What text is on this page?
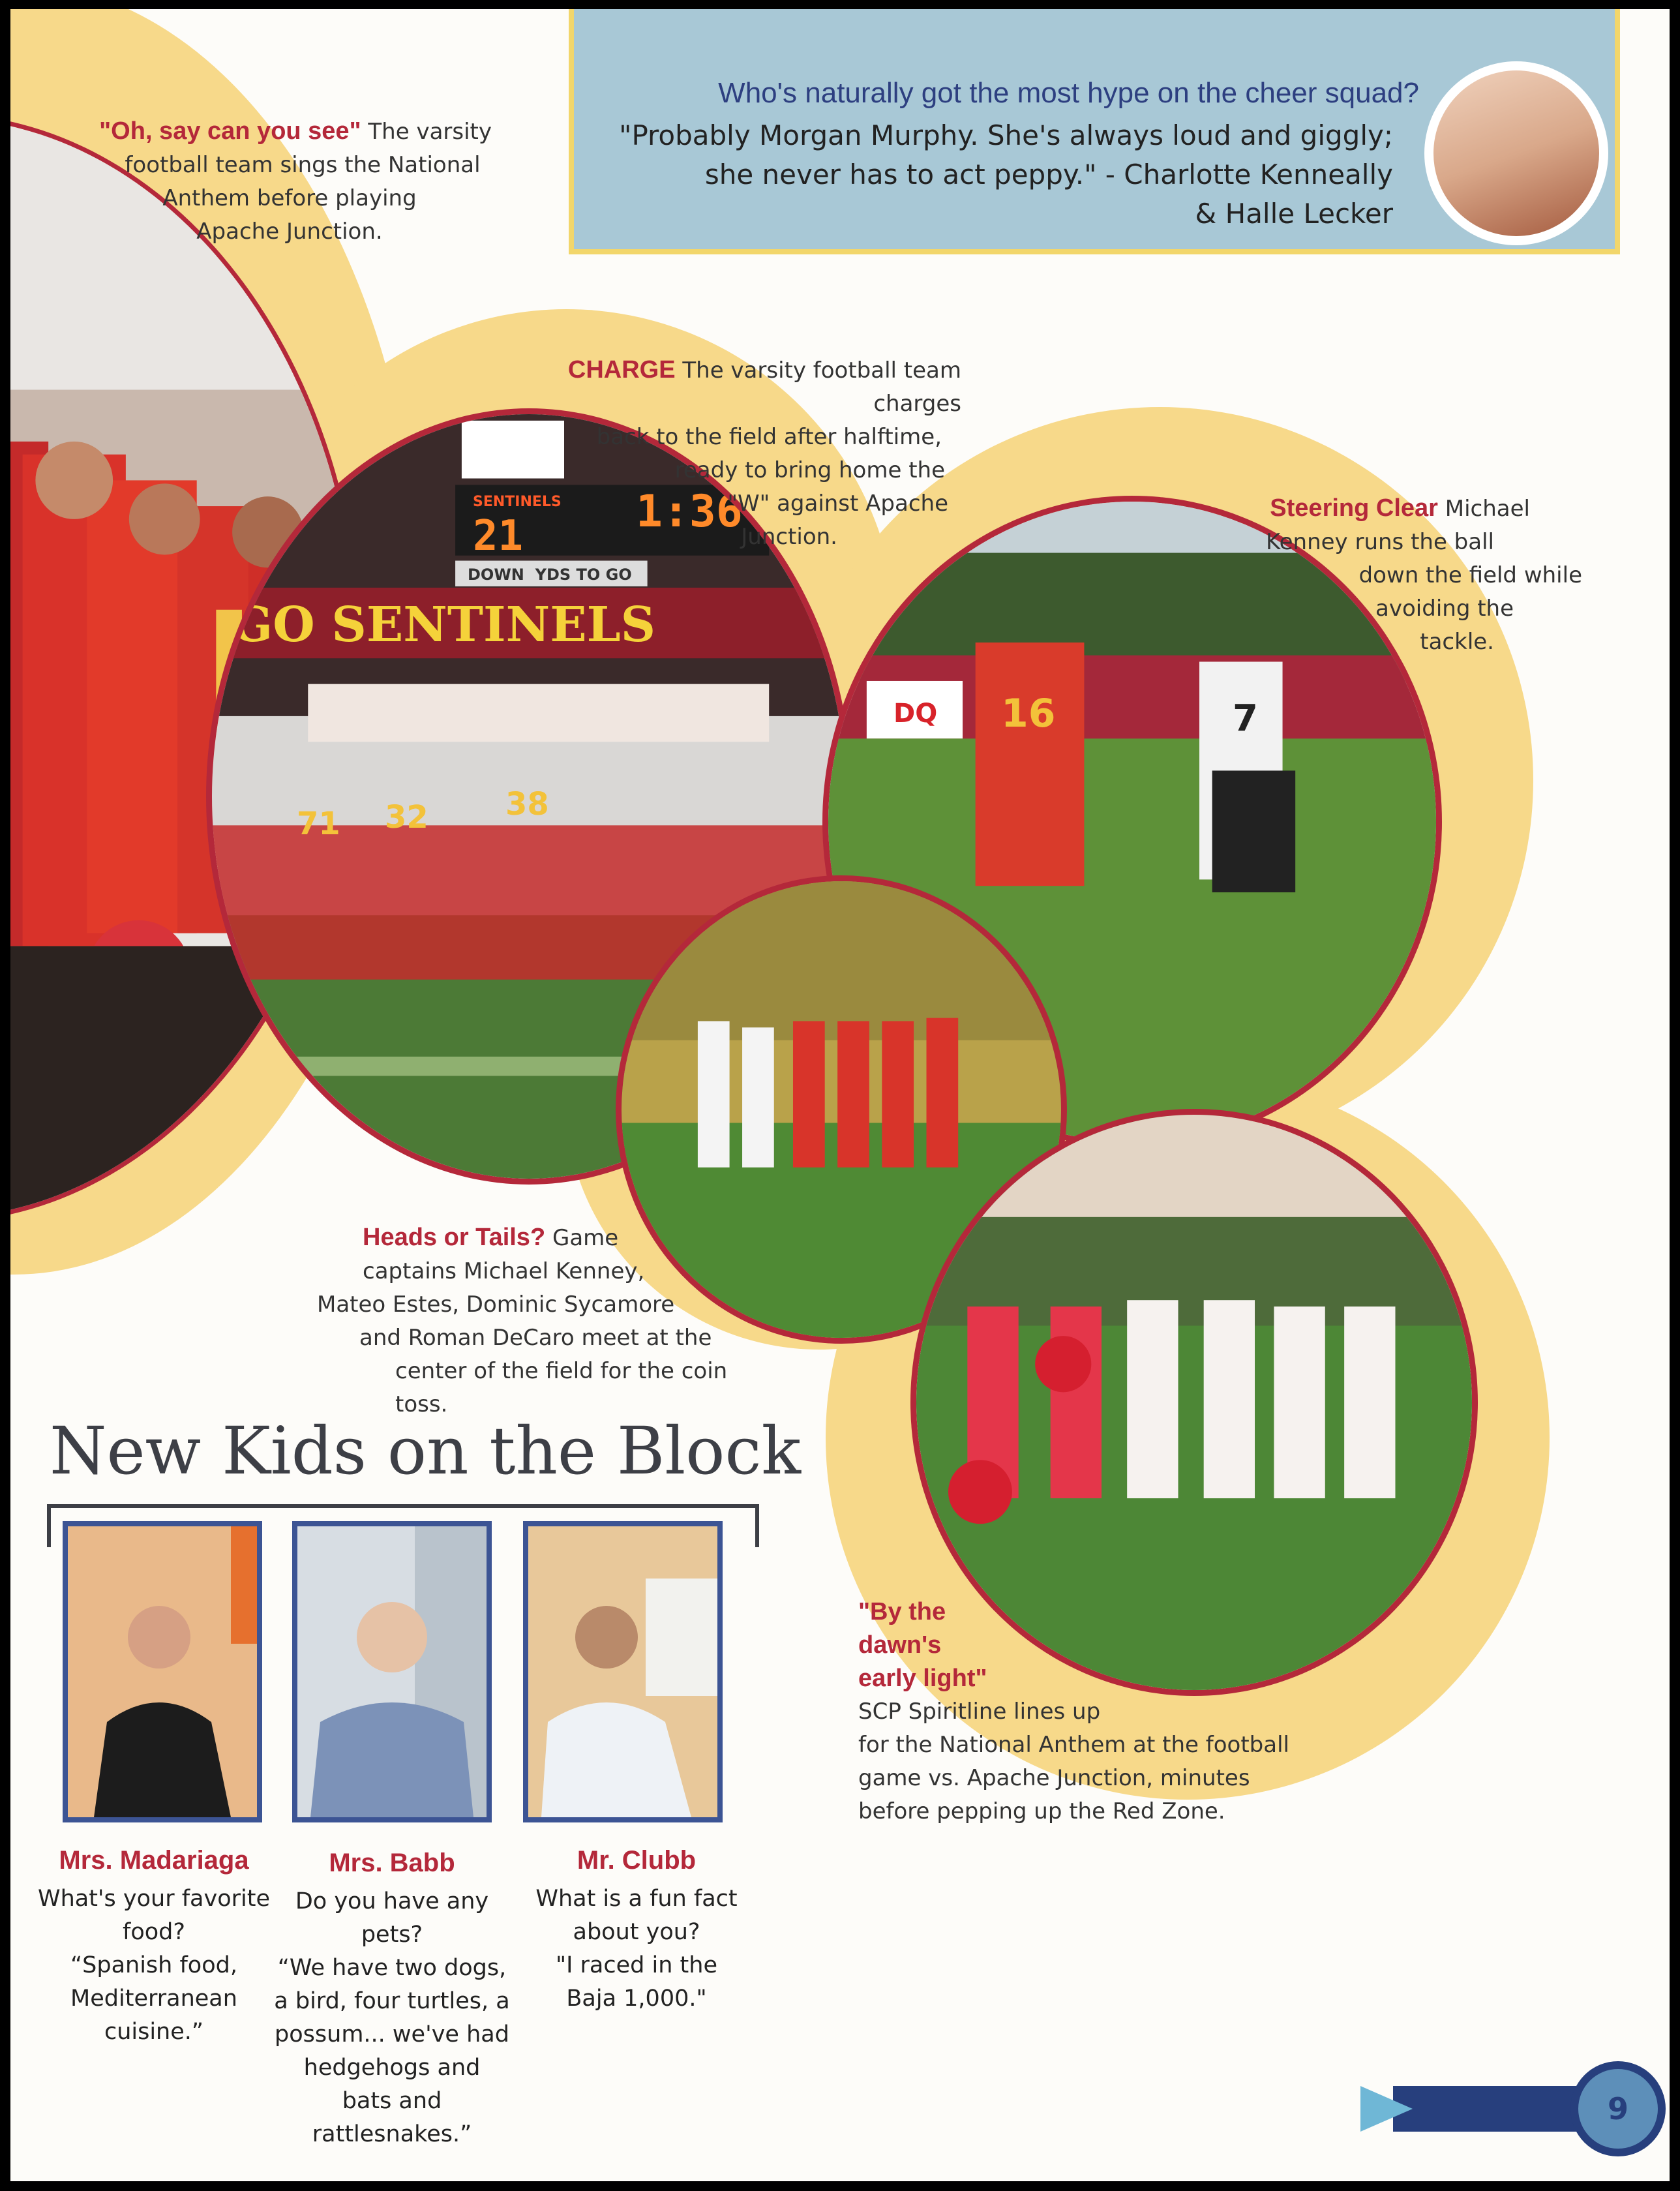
SENTINELS
21	1:36
DOWN  YDS TO GO
GO SENTINELS
71 32 38
DQ 16	7
Who's naturally got the most hype on the cheer squad?
"Probably Morgan Murphy. She's always loud and giggly;
she never has to act peppy." - Charlotte Kenneally
& Halle Lecker
"Oh, say can you see" The varsity
football team sings the National
Anthem before playing
Apache Junction.
CHARGE The varsity football team charges
back to the field after halftime,
ready to bring home the
"W" against Apache
Junction.
Steering Clear Michael
Kenney runs the ball
down the field while
avoiding the
tackle.
Heads or Tails? Game
captains Michael Kenney,
Mateo Estes, Dominic Sycamore
and Roman DeCaro meet at the
center of the field for the coin toss.
"By the
dawn's
early light"
SCP Spiritline lines up
for the National Anthem at the football
game vs. Apache Junction, minutes
before pepping up the Red Zone.
New Kids on the Block
Mrs. Madariaga
What's your favorite
food?
“Spanish food,
Mediterranean
cuisine.”
Mrs. Babb
Do you have any
pets?
“We have two dogs,
a bird, four turtles, a
possum... we've had
hedgehogs and
bats and
rattlesnakes.”
Mr. Clubb
What is a fun fact
about you?
"I raced in the
Baja 1,000."
9
